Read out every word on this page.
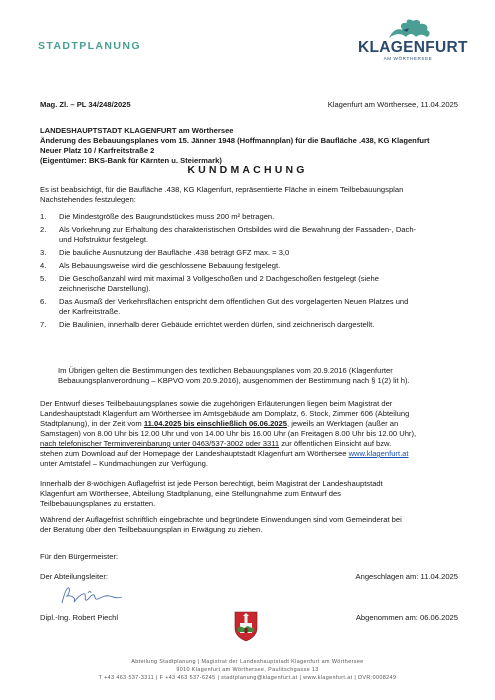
STADTPLANUNG	KLAGENFURT
AM WÖRTHERSEE
Mag. Zl. – PL 34/248/2025	Klagenfurt am Wörthersee, 11.04.2025
LANDESHAUPTSTADT KLAGENFURT am Wörthersee
Änderung des Bebauungsplanes vom 15. Jänner 1948 (Hoffmannplan) für die Baufläche .438, KG Klagenfurt
Neuer Platz 10 / Karfreitstraße 2
(Eigentümer: BKS-Bank für Kärnten u. Steiermark)
KUNDMACHUNG
Es ist beabsichtigt, für die Baufläche .438, KG Klagenfurt, repräsentierte Fläche in einem Teilbebauungsplan
Nachstehendes festzulegen:
1. Die Mindestgröße des Baugrundstückes muss 200 m² betragen.
2. Als Vorkehrung zur Erhaltung des charakteristischen Ortsbildes wird die Bewahrung der Fassaden-, Dach-
und Hofstruktur festgelegt.
3. Die bauliche Ausnutzung der Baufläche .438 beträgt GFZ max. = 3,0
4. Als Bebauungsweise wird die geschlossene Bebauung festgelegt.
5. Die Geschoßanzahl wird mit maximal 3 Vollgeschoßen und 2 Dachgeschoßen festgelegt (siehe
zeichnerische Darstellung).
6. Das Ausmaß der Verkehrsflächen entspricht dem öffentlichen Gut des vorgelagerten Neuen Platzes und
der Karfreitstraße.
7. Die Baulinien, innerhalb derer Gebäude errichtet werden dürfen, sind zeichnerisch dargestellt.
Im Übrigen gelten die Bestimmungen des textlichen Bebauungsplanes vom 20.9.2016 (Klagenfurter
Bebauungsplanverordnung – KBPVO vom 20.9.2016), ausgenommen der Bestimmung nach § 1(2) lit h).
Der Entwurf dieses Teilbebauungsplanes sowie die zugehörigen Erläuterungen liegen beim Magistrat der
Landeshauptstadt Klagenfurt am Wörthersee im Amtsgebäude am Domplatz, 6. Stock, Zimmer 606 (Abteilung
Stadtplanung), in der Zeit vom 11.04.2025 bis einschließlich 06.06.2025, jeweils an Werktagen (außer an
Samstagen) von 8.00 Uhr bis 12.00 Uhr und von 14.00 Uhr bis 16.00 Uhr (an Freitagen 8.00 Uhr bis 12.00 Uhr),
nach telefonischer Terminvereinbarung unter 0463/537-3002 oder 3311 zur öffentlichen Einsicht auf bzw.
stehen zum Download auf der Homepage der Landeshauptstadt Klagenfurt am Wörthersee www.klagenfurt.at
unter Amtstafel – Kundmachungen zur Verfügung.
Innerhalb der 8-wöchigen Auflagefrist ist jede Person berechtigt, beim Magistrat der Landeshauptstadt
Klagenfurt am Wörthersee, Abteilung Stadtplanung, eine Stellungnahme zum Entwurf des
Teilbebauungsplanes zu erstatten.
Während der Auflagefrist schriftlich eingebrachte und begründete Einwendungen sind vom Gemeinderat bei
der Beratung über den Teilbebauungsplan in Erwägung zu ziehen.
Für den Bürgermeister:
Der Abteilungsleiter:	Angeschlagen am: 11.04.2025
Dipl.-Ing. Robert Piechl	Abgenommen am: 06.06.2025
Abteilung Stadtplanung | Magistrat der Landeshauptstadt Klagenfurt am Wörthersee
9010 Klagenfurt am Wörthersee, Paulitschgasse 13
T +43 463 537-3311 | F +43 463 537-6245 | stadtplanung@klagenfurt.at | www.klagenfurt.at | DVR:0008249
